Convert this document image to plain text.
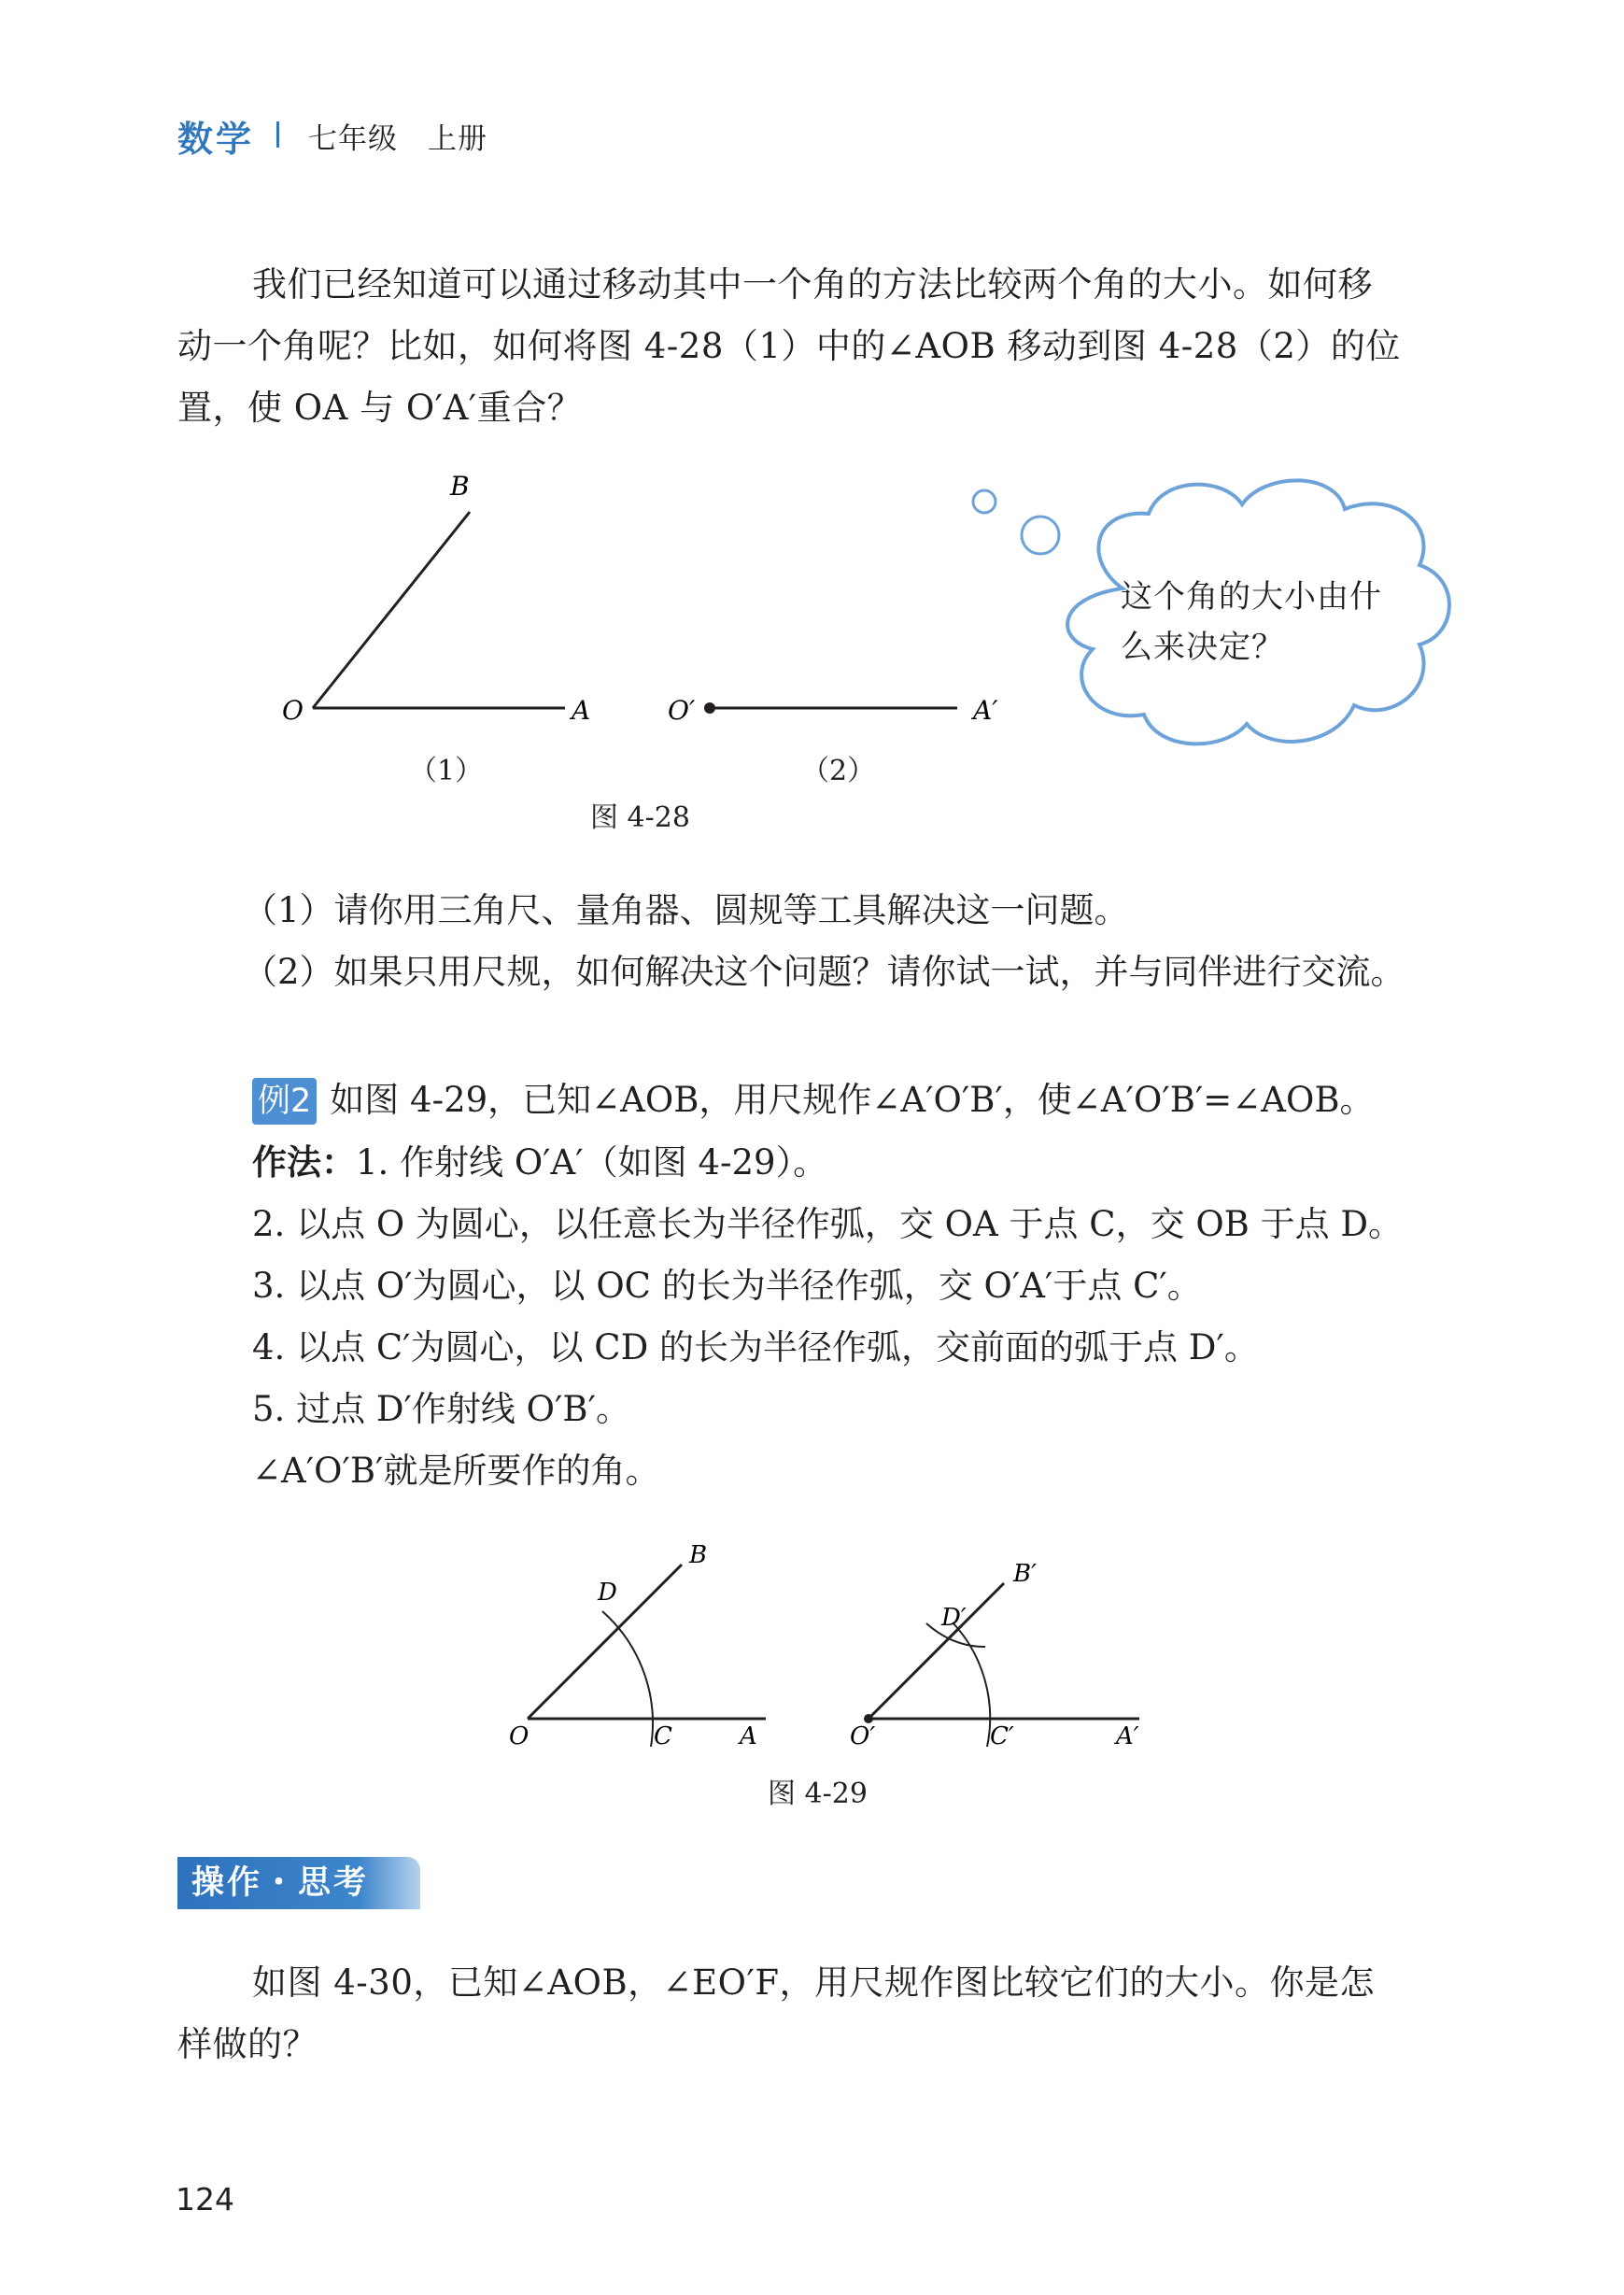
数学 七年级　上册
我们已经知道可以通过移动其中一个角的方法比较两个角的大小。如何移
动一个角呢？比如，如何将图 4-28（1）中的∠AOB 移动到图 4-28（2）的位
置，使 OA 与 O′A′重合？
B
O	A	O′	A′
（1）	（2）
图 4-28
这个角的大小由什
么来决定？
（1）请你用三角尺、量角器、圆规等工具解决这一问题。
（2）如果只用尺规，如何解决这个问题？请你试一试，并与同伴进行交流。
例2 如图 4-29，已知∠AOB，用尺规作∠A′O′B′，使∠A′O′B′=∠AOB。
作法：1. 作射线 O′A′（如图 4-29）。
2. 以点 O 为圆心，以任意长为半径作弧，交 OA 于点 C，交 OB 于点 D。
3. 以点 O′为圆心，以 OC 的长为半径作弧，交 O′A′于点 C′。
4. 以点 C′为圆心，以 CD 的长为半径作弧，交前面的弧于点 D′。
5. 过点 D′作射线 O′B′。
∠A′O′B′就是所要作的角。
B
D
O	C	A
B′
D′
O′	C′	A′
图 4-29
操作・思考
如图 4-30，已知∠AOB，∠EO′F，用尺规作图比较它们的大小。你是怎
样做的？
124
